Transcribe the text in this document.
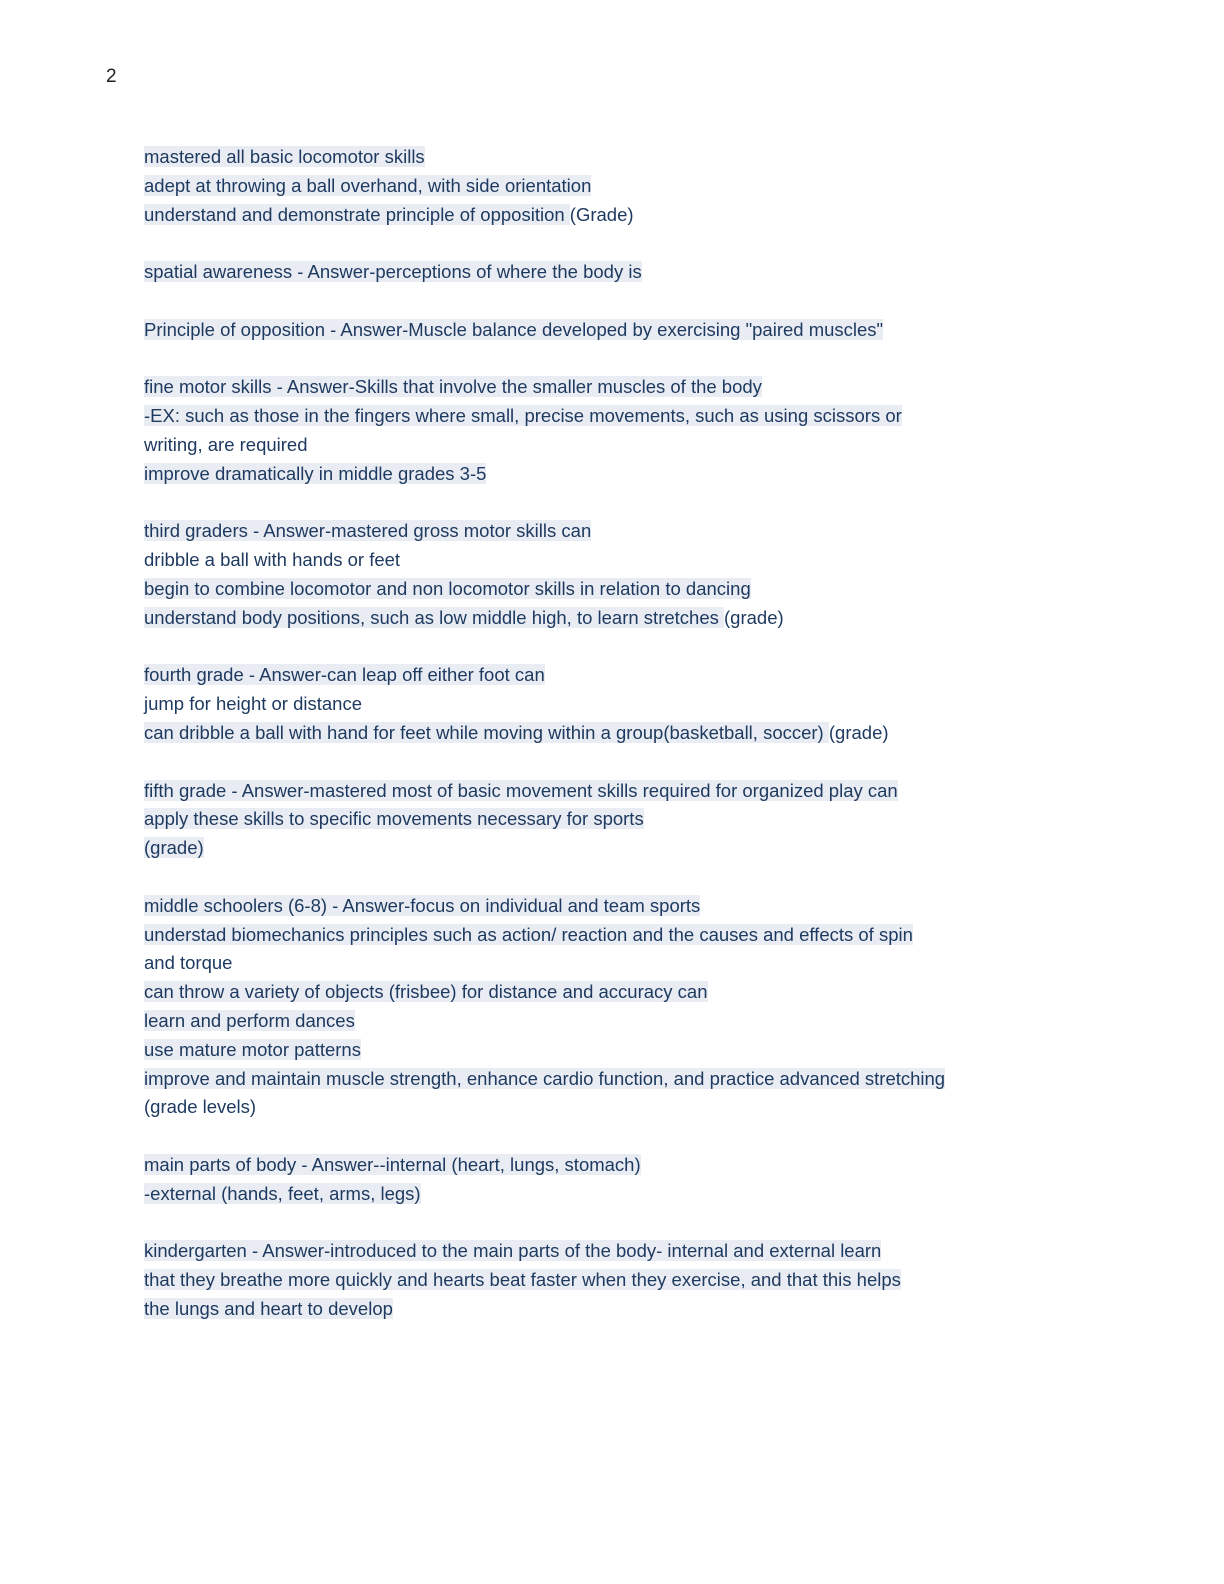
2
mastered all basic locomotor skills
adept at throwing a ball overhand, with side orientation
understand and demonstrate principle of opposition (Grade)
spatial awareness - Answer-perceptions of where the body is
Principle of opposition - Answer-Muscle balance developed by exercising "paired muscles"
fine motor skills - Answer-Skills that involve the smaller muscles of the body
-EX: such as those in the fingers where small, precise movements, such as using scissors or
writing, are required
improve dramatically in middle grades 3-5
third graders - Answer-mastered gross motor skills can
dribble a ball with hands or feet
begin to combine locomotor and non locomotor skills in relation to dancing
understand body positions, such as low middle high, to learn stretches (grade)
fourth grade - Answer-can leap off either foot can
jump for height or distance
can dribble a ball with hand for feet while moving within a group(basketball, soccer) (grade)
fifth grade - Answer-mastered most of basic movement skills required for organized play can
apply these skills to specific movements necessary for sports
(grade)
middle schoolers (6-8) - Answer-focus on individual and team sports
understad biomechanics principles such as action/ reaction and the causes and effects of spin
and torque
can throw a variety of objects (frisbee) for distance and accuracy can
learn and perform dances
use mature motor patterns
improve and maintain muscle strength, enhance cardio function, and practice advanced stretching
(grade levels)
main parts of body - Answer--internal (heart, lungs, stomach)
-external (hands, feet, arms, legs)
kindergarten - Answer-introduced to the main parts of the body- internal and external learn
that they breathe more quickly and hearts beat faster when they exercise, and that this helps
the lungs and heart to develop
